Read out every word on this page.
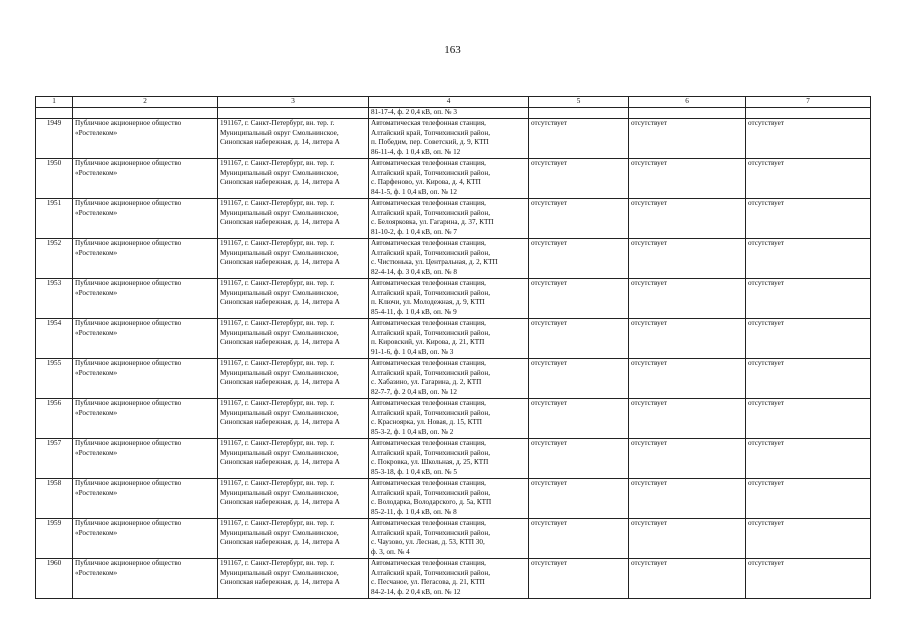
163
1	2	3	4	5	6	7
			81-17-4, ф. 2 0,4 кВ, оп. № 3			
1949	Публичное акционерное общество
«Ростелеком»	191167, г. Санкт-Петербург, вн. тер. г.
Муниципальный округ Смольнинское,
Синопская набережная, д. 14, литера А	Автоматическая телефонная станция,
Алтайский край, Топчихинский район,
п. Победим, пер. Советский, д. 9, КТП
86-11-4, ф. 1 0,4 кВ, оп. № 12	отсутствует	отсутствует	отсутствует
1950	Публичное акционерное общество
«Ростелеком»	191167, г. Санкт-Петербург, вн. тер. г.
Муниципальный округ Смольнинское,
Синопская набережная, д. 14, литера А	Автоматическая телефонная станция,
Алтайский край, Топчихинский район,
с. Парфеново, ул. Кирова, д. 4, КТП
84-1-5, ф. 1 0,4 кВ, оп. № 12	отсутствует	отсутствует	отсутствует
1951	Публичное акционерное общество
«Ростелеком»	191167, г. Санкт-Петербург, вн. тер. г.
Муниципальный округ Смольнинское,
Синопская набережная, д. 14, литера А	Автоматическая телефонная станция,
Алтайский край, Топчихинский район,
с. Белоярковка, ул. Гагарина, д. 37, КТП
81-10-2, ф. 1 0,4 кВ, оп. № 7	отсутствует	отсутствует	отсутствует
1952	Публичное акционерное общество
«Ростелеком»	191167, г. Санкт-Петербург, вн. тер. г.
Муниципальный округ Смольнинское,
Синопская набережная, д. 14, литера А	Автоматическая телефонная станция,
Алтайский край, Топчихинский район,
с. Чистюнька, ул. Центральная, д. 2, КТП
82-4-14, ф. 3 0,4 кВ, оп. № 8	отсутствует	отсутствует	отсутствует
1953	Публичное акционерное общество
«Ростелеком»	191167, г. Санкт-Петербург, вн. тер. г.
Муниципальный округ Смольнинское,
Синопская набережная, д. 14, литера А	Автоматическая телефонная станция,
Алтайский край, Топчихинский район,
п. Ключи, ул. Молодежная, д. 9, КТП
85-4-11, ф. 1 0,4 кВ, оп. № 9	отсутствует	отсутствует	отсутствует
1954	Публичное акционерное общество
«Ростелеком»	191167, г. Санкт-Петербург, вн. тер. г.
Муниципальный округ Смольнинское,
Синопская набережная, д. 14, литера А	Автоматическая телефонная станция,
Алтайский край, Топчихинский район,
п. Кировский, ул. Кирова, д. 21, КТП
91-1-6, ф. 1 0,4 кВ, оп. № 3	отсутствует	отсутствует	отсутствует
1955	Публичное акционерное общество
«Ростелеком»	191167, г. Санкт-Петербург, вн. тер. г.
Муниципальный округ Смольнинское,
Синопская набережная, д. 14, литера А	Автоматическая телефонная станция,
Алтайский край, Топчихинский район,
с. Хабазино, ул. Гагарина, д. 2, КТП
82-7-7, ф. 2 0,4 кВ, оп. № 12	отсутствует	отсутствует	отсутствует
1956	Публичное акционерное общество
«Ростелеком»	191167, г. Санкт-Петербург, вн. тер. г.
Муниципальный округ Смольнинское,
Синопская набережная, д. 14, литера А	Автоматическая телефонная станция,
Алтайский край, Топчихинский район,
с. Красноярка, ул. Новая, д. 15, КТП
85-3-2, ф. 1 0,4 кВ, оп. № 2	отсутствует	отсутствует	отсутствует
1957	Публичное акционерное общество
«Ростелеком»	191167, г. Санкт-Петербург, вн. тер. г.
Муниципальный округ Смольнинское,
Синопская набережная, д. 14, литера А	Автоматическая телефонная станция,
Алтайский край, Топчихинский район,
с. Покровка, ул. Школьная, д. 25, КТП
85-3-18, ф. 1 0,4 кВ, оп. № 5	отсутствует	отсутствует	отсутствует
1958	Публичное акционерное общество
«Ростелеком»	191167, г. Санкт-Петербург, вн. тер. г.
Муниципальный округ Смольнинское,
Синопская набережная, д. 14, литера А	Автоматическая телефонная станция,
Алтайский край, Топчихинский район,
с. Володарка, Володарского, д. 5а, КТП
85-2-11, ф. 1 0,4 кВ, оп. № 8	отсутствует	отсутствует	отсутствует
1959	Публичное акционерное общество
«Ростелеком»	191167, г. Санкт-Петербург, вн. тер. г.
Муниципальный округ Смольнинское,
Синопская набережная, д. 14, литера А	Автоматическая телефонная станция,
Алтайский край, Топчихинский район,
с. Чаузово, ул. Лесная, д. 53, КТП 30,
ф. 3, оп. № 4	отсутствует	отсутствует	отсутствует
1960	Публичное акционерное общество
«Ростелеком»	191167, г. Санкт-Петербург, вн. тер. г.
Муниципальный округ Смольнинское,
Синопская набережная, д. 14, литера А	Автоматическая телефонная станция,
Алтайский край, Топчихинский район,
с. Песчаное, ул. Пегасова, д. 21, КТП
84-2-14, ф. 2 0,4 кВ, оп. № 12	отсутствует	отсутствует	отсутствует
